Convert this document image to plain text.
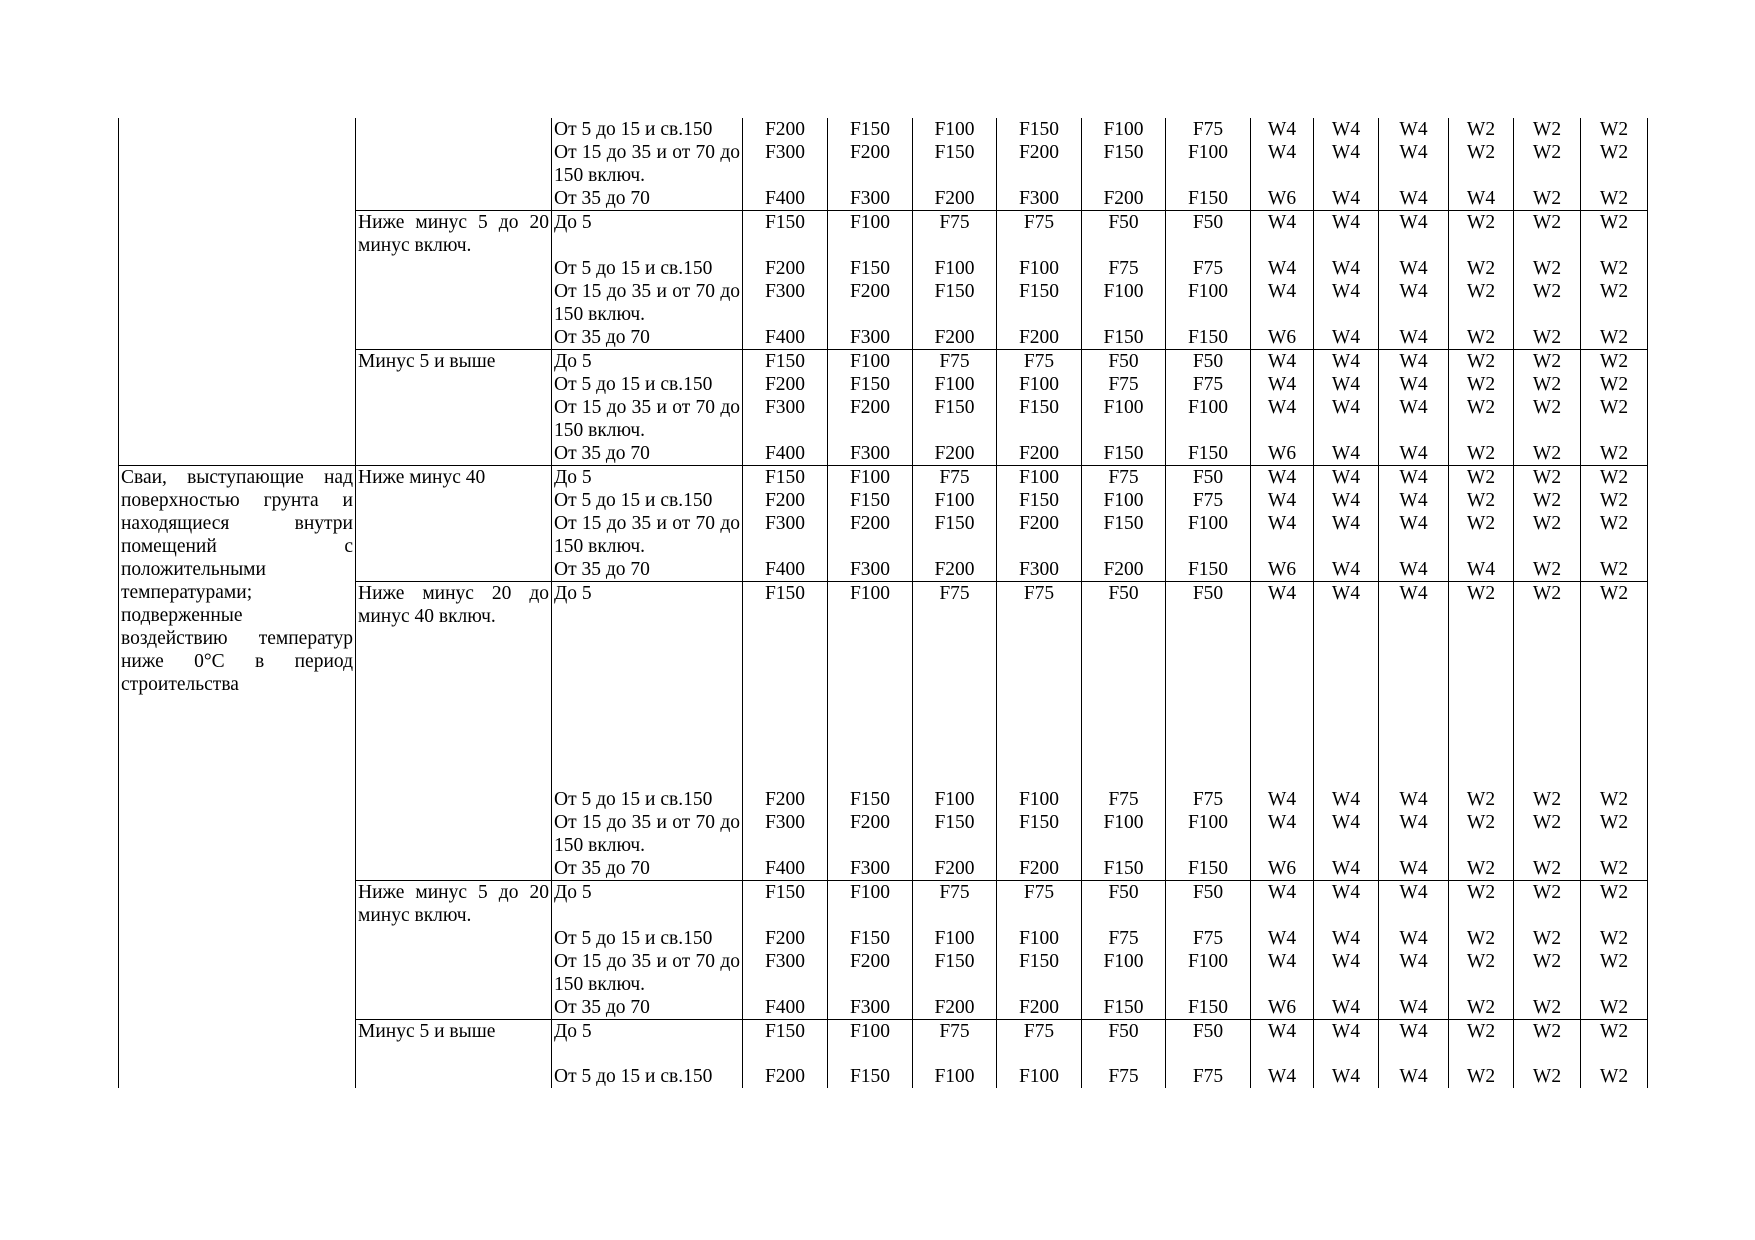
		От 5 до 15 и св.150	F200	F150	F100	F150	F100	F75	W4	W4	W4	W2	W2	W2
		От 15 до 35 и от 70 до 150 включ.	F300	F200	F150	F200	F150	F100	W4	W4	W4	W2	W2	W2
		От 35 до 70	F400	F300	F200	F300	F200	F150	W6	W4	W4	W4	W2	W2
	Ниже минус 5 до 20 минус включ.	До 5	F150	F100	F75	F75	F50	F50	W4	W4	W4	W2	W2	W2
		От 5 до 15 и св.150	F200	F150	F100	F100	F75	F75	W4	W4	W4	W2	W2	W2
		От 15 до 35 и от 70 до 150 включ.	F300	F200	F150	F150	F100	F100	W4	W4	W4	W2	W2	W2
		От 35 до 70	F400	F300	F200	F200	F150	F150	W6	W4	W4	W2	W2	W2
	Минус 5 и выше	До 5	F150	F100	F75	F75	F50	F50	W4	W4	W4	W2	W2	W2
		От 5 до 15 и св.150	F200	F150	F100	F100	F75	F75	W4	W4	W4	W2	W2	W2
		От 15 до 35 и от 70 до 150 включ.	F300	F200	F150	F150	F100	F100	W4	W4	W4	W2	W2	W2
		От 35 до 70	F400	F300	F200	F200	F150	F150	W6	W4	W4	W2	W2	W2
Сваи, выступающие над поверхностью грунта и находящиеся внутри помещений с положительными температурами; подверженные воздействию температур ниже 0°С в период строительства	Ниже минус 40	До 5	F150	F100	F75	F100	F75	F50	W4	W4	W4	W2	W2	W2
		От 5 до 15 и св.150	F200	F150	F100	F150	F100	F75	W4	W4	W4	W2	W2	W2
		От 15 до 35 и от 70 до 150 включ.	F300	F200	F150	F200	F150	F100	W4	W4	W4	W2	W2	W2
		От 35 до 70	F400	F300	F200	F300	F200	F150	W6	W4	W4	W4	W2	W2
	Ниже минус 20 до минус 40 включ.	До 5	F150	F100	F75	F75	F50	F50	W4	W4	W4	W2	W2	W2
		От 5 до 15 и св.150	F200	F150	F100	F100	F75	F75	W4	W4	W4	W2	W2	W2
		От 15 до 35 и от 70 до 150 включ.	F300	F200	F150	F150	F100	F100	W4	W4	W4	W2	W2	W2
		От 35 до 70	F400	F300	F200	F200	F150	F150	W6	W4	W4	W2	W2	W2
	Ниже минус 5 до 20 минус включ.	До 5	F150	F100	F75	F75	F50	F50	W4	W4	W4	W2	W2	W2
		От 5 до 15 и св.150	F200	F150	F100	F100	F75	F75	W4	W4	W4	W2	W2	W2
		От 15 до 35 и от 70 до 150 включ.	F300	F200	F150	F150	F100	F100	W4	W4	W4	W2	W2	W2
		От 35 до 70	F400	F300	F200	F200	F150	F150	W6	W4	W4	W2	W2	W2
	Минус 5 и выше	До 5	F150	F100	F75	F75	F50	F50	W4	W4	W4	W2	W2	W2
		От 5 до 15 и св.150	F200	F150	F100	F100	F75	F75	W4	W4	W4	W2	W2	W2
